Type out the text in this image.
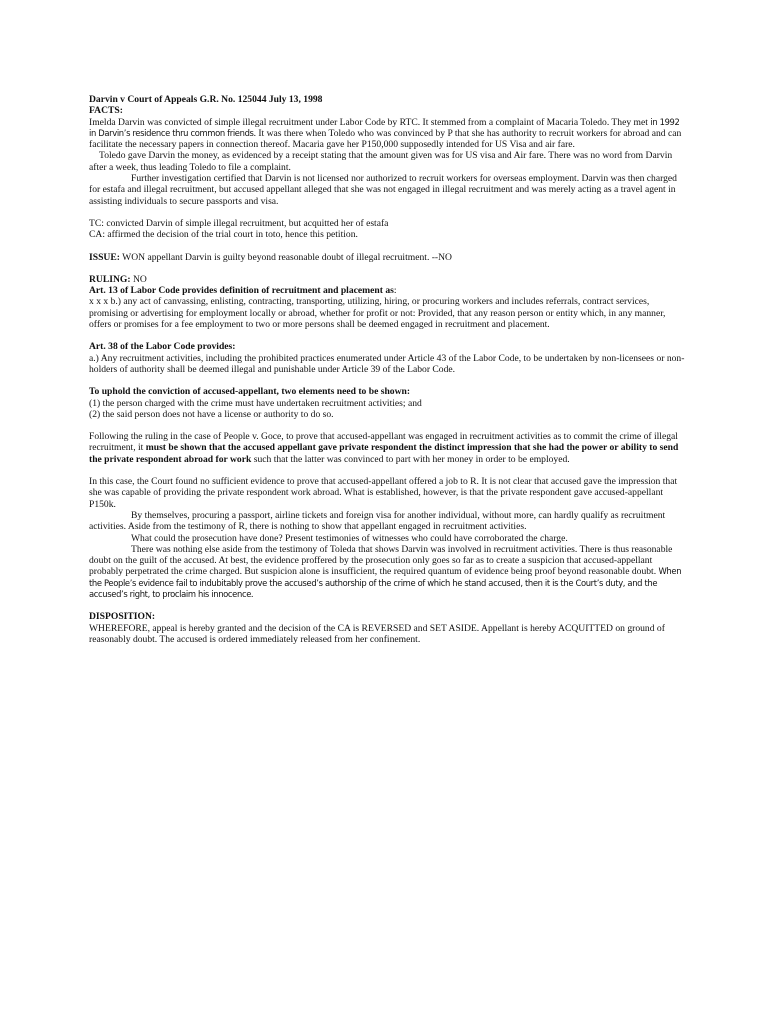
Darvin v Court of Appeals G.R. No. 125044 July 13, 1998

FACTS:

Imelda Darvin was convicted of simple illegal recruitment under Labor Code by RTC. It stemmed from a complaint of Macaria Toledo. They met in 1992 in Darvin’s residence thru common friends. It was there when Toledo who was convinced by P that she has authority to recruit workers for abroad and can facilitate the necessary papers in connection thereof. Macaria gave her P150,000 supposedly intended for US Visa and air fare.

Toledo gave Darvin the money, as evidenced by a receipt stating that the amount given was for US visa and Air fare. There was no word from Darvin after a week, thus leading Toledo to file a complaint.

Further investigation certified that Darvin is not licensed nor authorized to recruit workers for overseas employment. Darvin was then charged for estafa and illegal recruitment, but accused appellant alleged that she was not engaged in illegal recruitment and was merely acting as a travel agent in assisting individuals to secure passports and visa.

TC: convicted Darvin of simple illegal recruitment, but acquitted her of estafa

CA: affirmed the decision of the trial court in toto, hence this petition.

ISSUE: WON appellant Darvin is guilty beyond reasonable doubt of illegal recruitment. --NO

RULING: NO

Art. 13 of Labor Code provides definition of recruitment and placement as:

x x x b.) any act of canvassing, enlisting, contracting, transporting, utilizing, hiring, or procuring workers and includes referrals, contract services, promising or advertising for employment locally or abroad, whether for profit or not: Provided, that any reason person or entity which, in any manner, offers or promises for a fee employment to two or more persons shall be deemed engaged in recruitment and placement.

Art. 38 of the Labor Code provides:

a.) Any recruitment activities, including the prohibited practices enumerated under Article 43 of the Labor Code, to be undertaken by non-licensees or non-holders of authority shall be deemed illegal and punishable under Article 39 of the Labor Code.

To uphold the conviction of accused-appellant, two elements need to be shown:

(1) the person charged with the crime must have undertaken recruitment activities; and

(2) the said person does not have a license or authority to do so.

Following the ruling in the case of People v. Goce, to prove that accused-appellant was engaged in recruitment activities as to commit the crime of illegal recruitment, it must be shown that the accused appellant gave private respondent the distinct impression that she had the power or ability to send the private respondent abroad for work such that the latter was convinced to part with her money in order to be employed.

In this case, the Court found no sufficient evidence to prove that accused-appellant offered a job to R. It is not clear that accused gave the impression that she was capable of providing the private respondent work abroad. What is established, however, is that the private respondent gave accused-appellant P150k.

By themselves, procuring a passport, airline tickets and foreign visa for another individual, without more, can hardly qualify as recruitment activities. Aside from the testimony of R, there is nothing to show that appellant engaged in recruitment activities.

What could the prosecution have done? Present testimonies of witnesses who could have corroborated the charge.

There was nothing else aside from the testimony of Toleda that shows Darvin was involved in recruitment activities. There is thus reasonable doubt on the guilt of the accused. At best, the evidence proffered by the prosecution only goes so far as to create a suspicion that accused-appellant probably perpetrated the crime charged. But suspicion alone is insufficient, the required quantum of evidence being proof beyond reasonable doubt. When the People’s evidence fail to indubitably prove the accused’s authorship of the crime of which he stand accused, then it is the Court’s duty, and the accused’s right, to proclaim his innocence.

DISPOSITION:

WHEREFORE, appeal is hereby granted and the decision of the CA is REVERSED and SET ASIDE. Appellant is hereby ACQUITTED on ground of reasonably doubt. The accused is ordered immediately released from her confinement.
